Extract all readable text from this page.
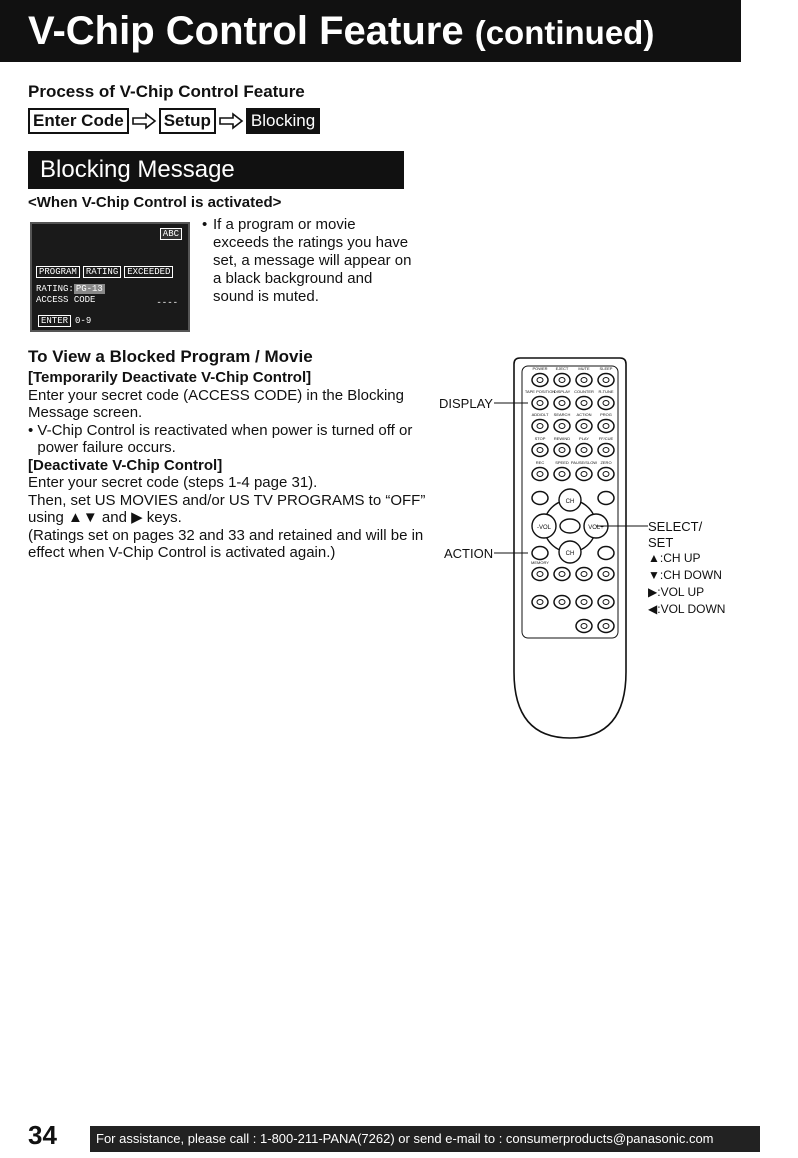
V-Chip Control Feature (continued)
Process of V-Chip Control Feature
Enter Code Setup Blocking
Blocking Message
<When V-Chip Control is activated>
ABC
PROGRAM	RATING	EXCEEDED
RATING: PG-13
ACCESS CODE	----
ENTER 0-9
• If a program or movie exceeds the ratings you have set, a message will appear on a black background and sound is muted.
To View a Blocked Program / Movie
[Temporarily Deactivate V-Chip Control]
Enter your secret code (ACCESS CODE) in the Blocking Message screen.
• V-Chip Control is reactivated when power is turned off or power failure occurs.
[Deactivate V-Chip Control]
Enter your secret code (steps 1-4 page 31).
Then, set US MOVIES and/or US TV PROGRAMS to “OFF” using ▲▼ and ▶ keys.
(Ratings set on pages 32 and 33 and retained and will be in effect when V-Chip Control is activated again.)
POWER EJECT MUTE SLEEP
TAPE POSITION
DISPLAY COUNTER R-TUNE
ADD/DLT SEARCH ACTION PROG
STOP REWIND PLAY FF/CUE
REC	SPEED PAUSE/SLOW ZERO
MEMORY
-VOL	VOL+
CH
CH
DISPLAY
ACTION
SELECT/
SET
▲:CH UP
▼:CH DOWN
▶:VOL UP
◀:VOL DOWN
34	For assistance, please call : 1-800-211-PANA(7262) or send e-mail to : consumerproducts@panasonic.com
